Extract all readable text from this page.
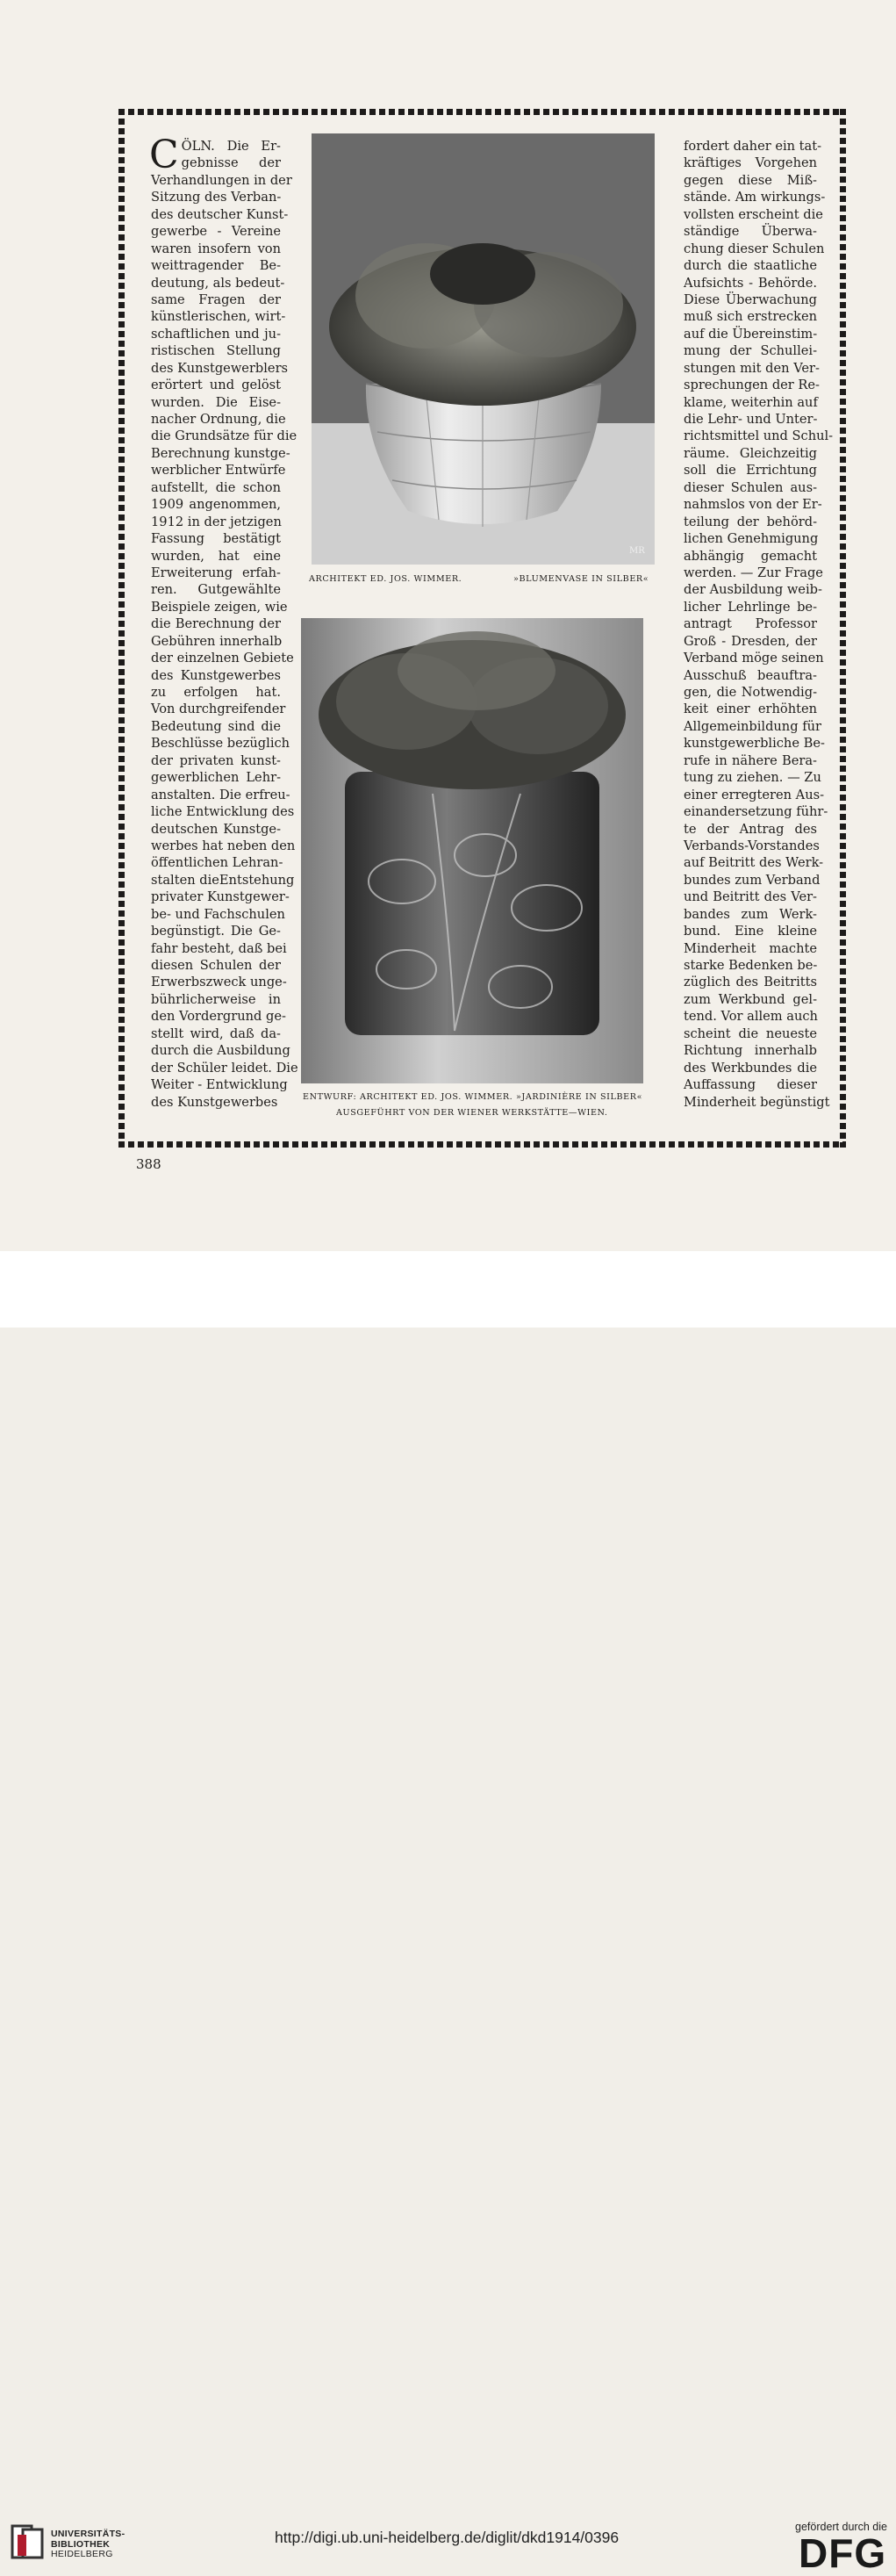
C ÖLN. Die Er-
gebnisse der
Verhandlungen in der
Sitzung des Verban-
des deutscher Kunst-
gewerbe - Vereine
waren insofern von
weittragender Be-
deutung, als bedeut-
same Fragen der
künstlerischen, wirt-
schaftlichen und ju-
ristischen Stellung
des Kunstgewerblers
erörtert und gelöst
wurden. Die Eise-
nacher Ordnung, die
die Grundsätze für die
Berechnung kunstge-
werblicher Entwürfe
aufstellt, die schon
1909 angenommen,
1912 in der jetzigen
Fassung bestätigt
wurden, hat eine
Erweiterung erfah-
ren. Gutgewählte
Beispiele zeigen, wie
die Berechnung der
Gebühren innerhalb
der einzelnen Gebiete
des Kunstgewerbes
zu erfolgen hat.
Von durchgreifender
Bedeutung sind die
Beschlüsse bezüglich
der privaten kunst-
gewerblichen Lehr-
anstalten. Die erfreu-
liche Entwicklung des
deutschen Kunstge-
werbes hat neben den
öffentlichen Lehran-
stalten dieEntstehung
privater Kunstgewer-
be- und Fachschulen
begünstigt. Die Ge-
fahr besteht, daß bei
diesen Schulen der
Erwerbszweck unge-
bührlicherweise in
den Vordergrund ge-
stellt wird, daß da-
durch die Ausbildung
der Schüler leidet. Die
Weiter - Entwicklung
des Kunstgewerbes
fordert daher ein tat-
kräftiges Vorgehen
gegen diese Miß-
stände. Am wirkungs-
vollsten erscheint die
ständige Überwa-
chung dieser Schulen
durch die staatliche
Aufsichts - Behörde.
Diese Überwachung
muß sich erstrecken
auf die Übereinstim-
mung der Schullei-
stungen mit den Ver-
sprechungen der Re-
klame, weiterhin auf
die Lehr- und Unter-
richtsmittel und Schul-
räume. Gleichzeitig
soll die Errichtung
dieser Schulen aus-
nahmslos von der Er-
teilung der behörd-
lichen Genehmigung
abhängig gemacht
werden. — Zur Frage
der Ausbildung weib-
licher Lehrlinge be-
antragt Professor
Groß - Dresden, der
Verband möge seinen
Ausschuß beauftra-
gen, die Notwendig-
keit einer erhöhten
Allgemeinbildung für
kunstgewerbliche Be-
rufe in nähere Bera-
tung zu ziehen. — Zu
einer erregteren Aus-
einandersetzung führ-
te der Antrag des
Verbands-Vorstandes
auf Beitritt des Werk-
bundes zum Verband
und Beitritt des Ver-
bandes zum Werk-
bund. Eine kleine
Minderheit machte
starke Bedenken be-
züglich des Beitritts
zum Werkbund gel-
tend. Vor allem auch
scheint die neueste
Richtung innerhalb
des Werkbundes die
Auffassung dieser
Minderheit begünstigt
MR
ARCHITEKT ED. JOS. WIMMER.	»BLUMENVASE IN SILBER«
ENTWURF: ARCHITEKT ED. JOS. WIMMER. »JARDINIÈRE IN SILBER«
AUSGEFÜHRT VON DER WIENER WERKSTÄTTE—WIEN.
388
UNIVERSITÄTS-
BIBLIOTHEK
HEIDELBERG
http://digi.ub.uni-heidelberg.de/diglit/dkd1914/0396
gefördert durch die
DFG
